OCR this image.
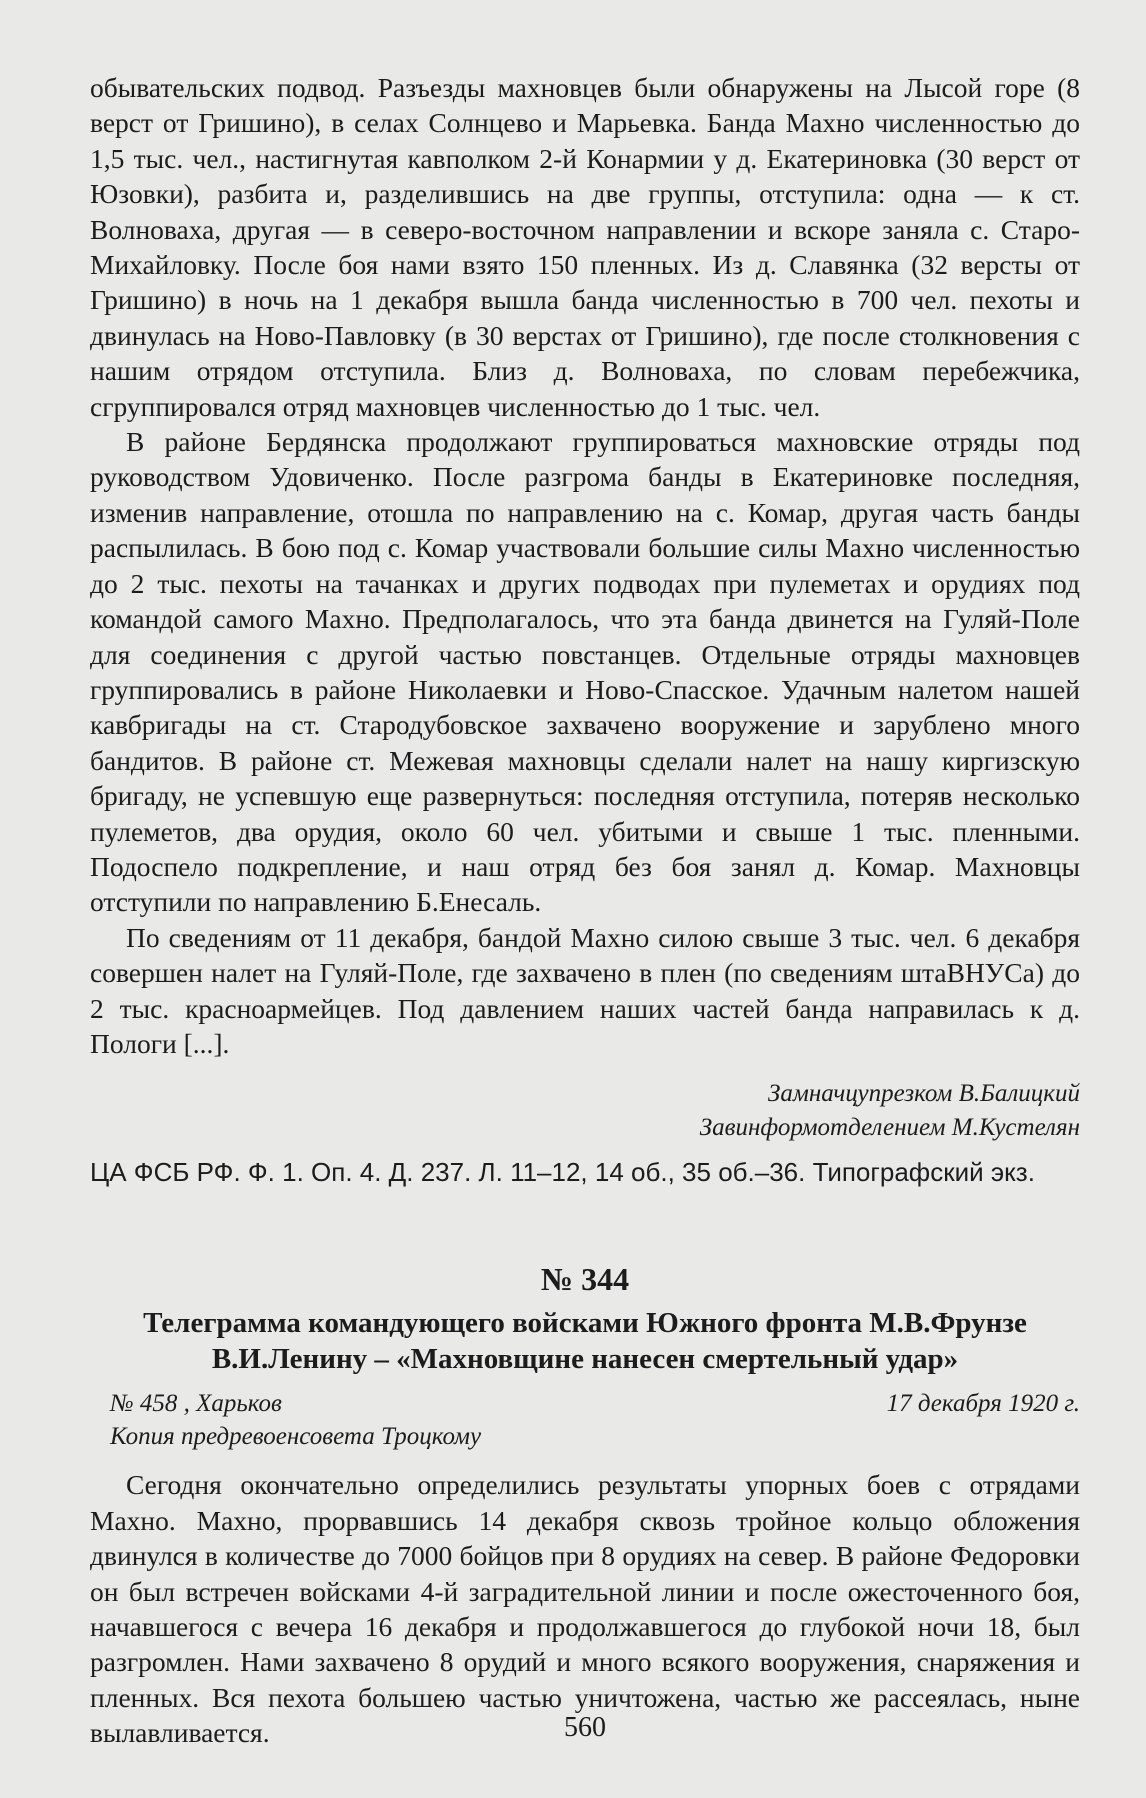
обывательских подвод. Разъезды махновцев были обнаружены на Лысой горе (8 верст от Гришино), в селах Солнцево и Марьевка. Банда Махно численностью до 1,5 тыс. чел., настигнутая кавполком 2-й Конармии у д. Екатериновка (30 верст от Юзовки), разбита и, разделившись на две группы, отступила: одна — к ст. Волноваха, другая — в северо-восточном направлении и вскоре заняла с. Старо-Михайловку. После боя нами взято 150 пленных. Из д. Славянка (32 версты от Гришино) в ночь на 1 декабря вышла банда численностью в 700 чел. пехоты и двинулась на Ново-Павловку (в 30 верстах от Гришино), где после столкновения с нашим отрядом отступила. Близ д. Волноваха, по словам перебежчика, сгруппировался отряд махновцев численностью до 1 тыс. чел.

В районе Бердянска продолжают группироваться махновские отряды под руководством Удовиченко. После разгрома банды в Екатериновке последняя, изменив направление, отошла по направлению на с. Комар, другая часть банды распылилась. В бою под с. Комар участвовали большие силы Махно численностью до 2 тыс. пехоты на тачанках и других подводах при пулеметах и орудиях под командой самого Махно. Предполагалось, что эта банда двинется на Гуляй-Поле для соединения с другой частью повстанцев. Отдельные отряды махновцев группировались в районе Николаевки и Ново-Спасское. Удачным налетом нашей кавбригады на ст. Стародубовское захвачено вооружение и зарублено много бандитов. В районе ст. Межевая махновцы сделали налет на нашу киргизскую бригаду, не успевшую еще развернуться: последняя отступила, потеряв несколько пулеметов, два орудия, около 60 чел. убитыми и свыше 1 тыс. пленными. Подоспело подкрепление, и наш отряд без боя занял д. Комар. Махновцы отступили по направлению Б.Енесаль.

По сведениям от 11 декабря, бандой Махно силою свыше 3 тыс. чел. 6 декабря совершен налет на Гуляй-Поле, где захвачено в плен (по сведениям штаВНУСа) до 2 тыс. красноармейцев. Под давлением наших частей банда направилась к д. Пологи [...].

Замначцупрезком В.Балицкий

Завинформотделением М.Кустелян

ЦА ФСБ РФ. Ф. 1. Оп. 4. Д. 237. Л. 11–12, 14 об., 35 об.–36. Типографский экз.

№ 344

Телеграмма командующего войсками Южного фронта М.В.Фрунзе

В.И.Ленину – «Махновщине нанесен смертельный удар»

№ 458 , Харьков	17 декабря 1920 г.

Копия предревоенсовета Троцкому

Сегодня окончательно определились результаты упорных боев с отрядами Махно. Махно, прорвавшись 14 декабря сквозь тройное кольцо обложения двинулся в количестве до 7000 бойцов при 8 орудиях на север. В районе Федоровки он был встречен войсками 4-й заградительной линии и после ожесточенного боя, начавшегося с вечера 16 декабря и продолжавшегося до глубокой ночи 18, был разгромлен. Нами захвачено 8 орудий и много всякого вооружения, снаряжения и пленных. Вся пехота большею частью уничтожена, частью же рассеялась, ныне вылавливается.	560
